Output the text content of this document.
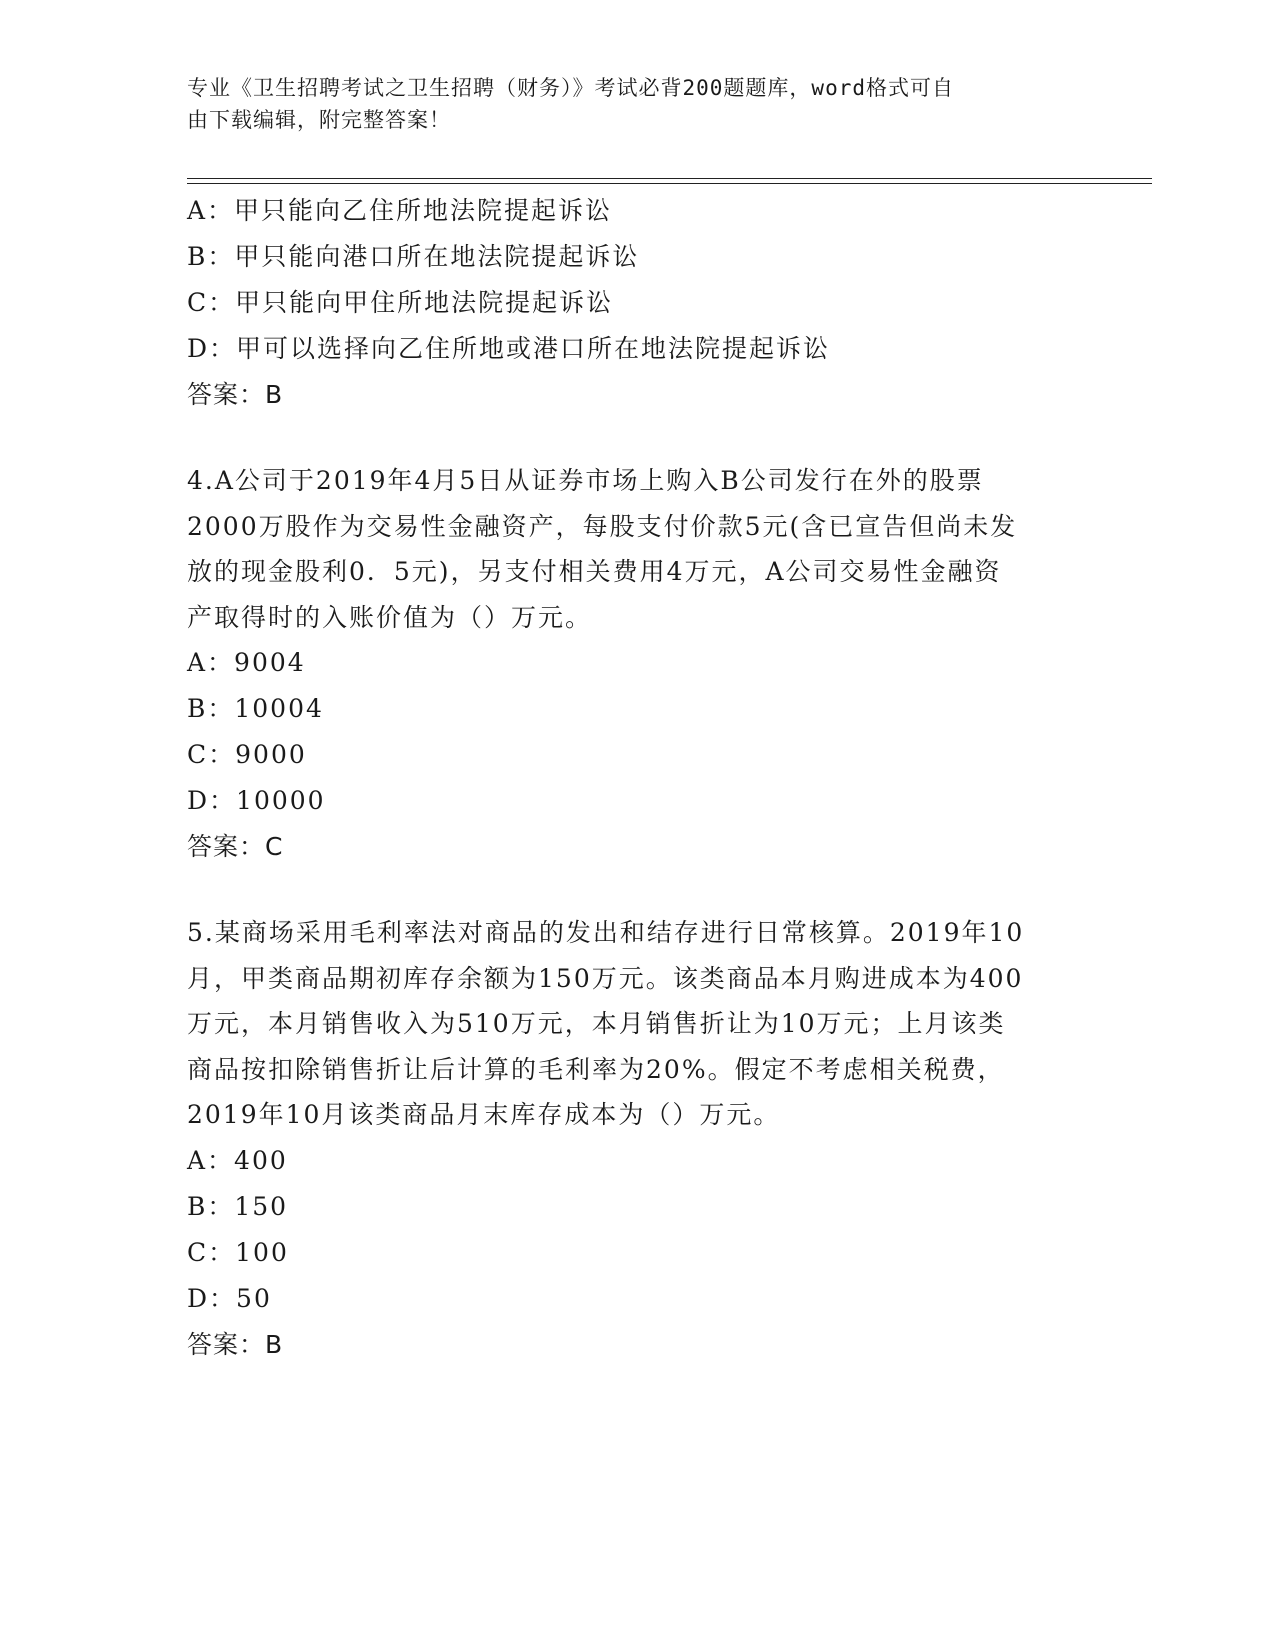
专业《卫生招聘考试之卫生招聘（财务）》考试必背200题题库，word格式可自
由下载编辑，附完整答案！
A：甲只能向乙住所地法院提起诉讼
B：甲只能向港口所在地法院提起诉讼
C：甲只能向甲住所地法院提起诉讼
D：甲可以选择向乙住所地或港口所在地法院提起诉讼
答案：B
4.A公司于2019年4月5日从证券市场上购入B公司发行在外的股票
2000万股作为交易性金融资产，每股支付价款5元(含已宣告但尚未发
放的现金股利0．5元)，另支付相关费用4万元，A公司交易性金融资
产取得时的入账价值为（）万元。
A：9004
B：10004
C：9000
D：10000
答案：C
5.某商场采用毛利率法对商品的发出和结存进行日常核算。2019年10
月，甲类商品期初库存余额为150万元。该类商品本月购进成本为400
万元，本月销售收入为510万元，本月销售折让为10万元；上月该类
商品按扣除销售折让后计算的毛利率为20%。假定不考虑相关税费，
2019年10月该类商品月末库存成本为（）万元。
A：400
B：150
C：100
D：50
答案：B
